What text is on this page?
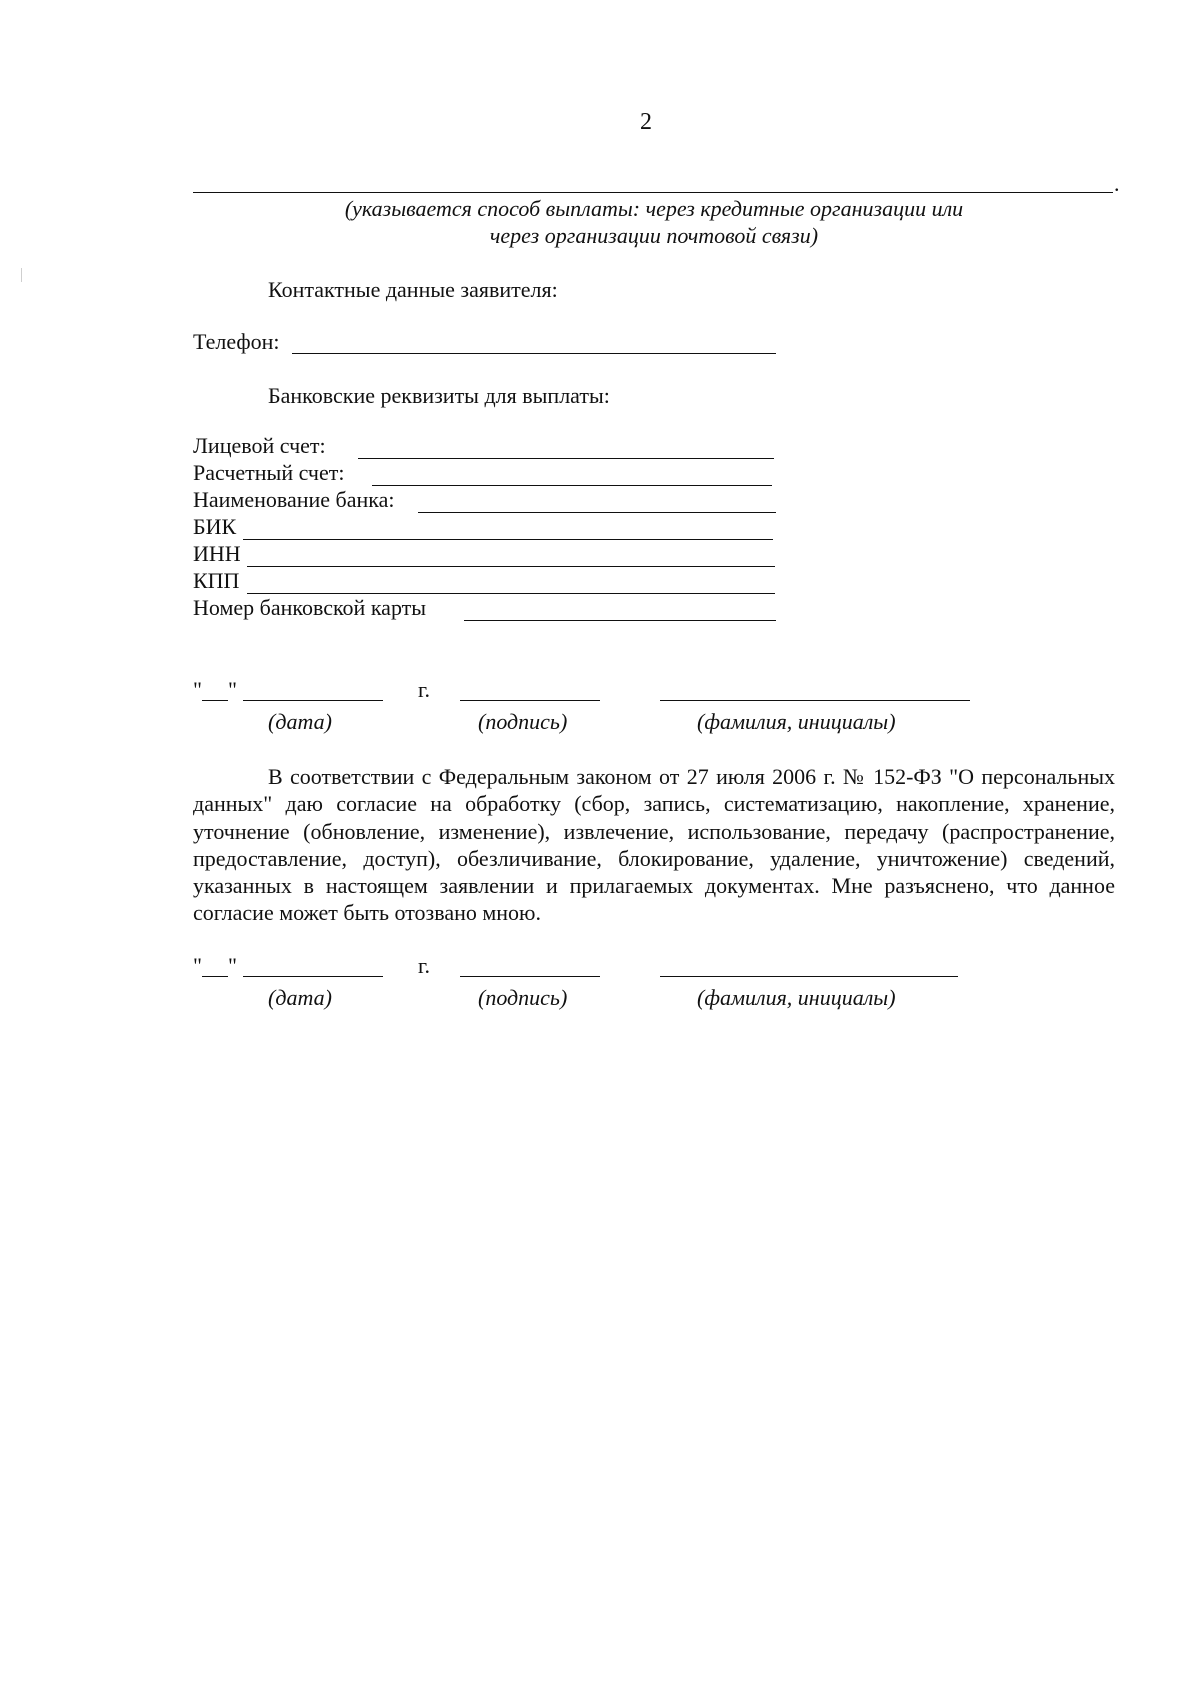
2
.
(указывается способ выплаты: через кредитные организации или
через организации почтовой связи)
Контактные данные заявителя:
Телефон:
Банковские реквизиты для выплаты:
Лицевой счет:
Расчетный счет:
Наименование банка:
БИК
ИНН
КПП
Номер банковской карты
" "	г.
(дата)	(подпись)	(фамилия, инициалы)
В соответствии с Федеральным законом от 27 июля 2006 г. № 152-ФЗ "О персональных данных" даю согласие на обработку (сбор, запись, систематизацию, накопление, хранение, уточнение (обновление, изменение), извлечение, использование, передачу (распространение, предоставление, доступ), обезличивание, блокирование, удаление, уничтожение) сведений, указанных в настоящем заявлении и прилагаемых документах. Мне разъяснено, что данное согласие может быть отозвано мною.
" "	г.
(дата)	(подпись)	(фамилия, инициалы)
